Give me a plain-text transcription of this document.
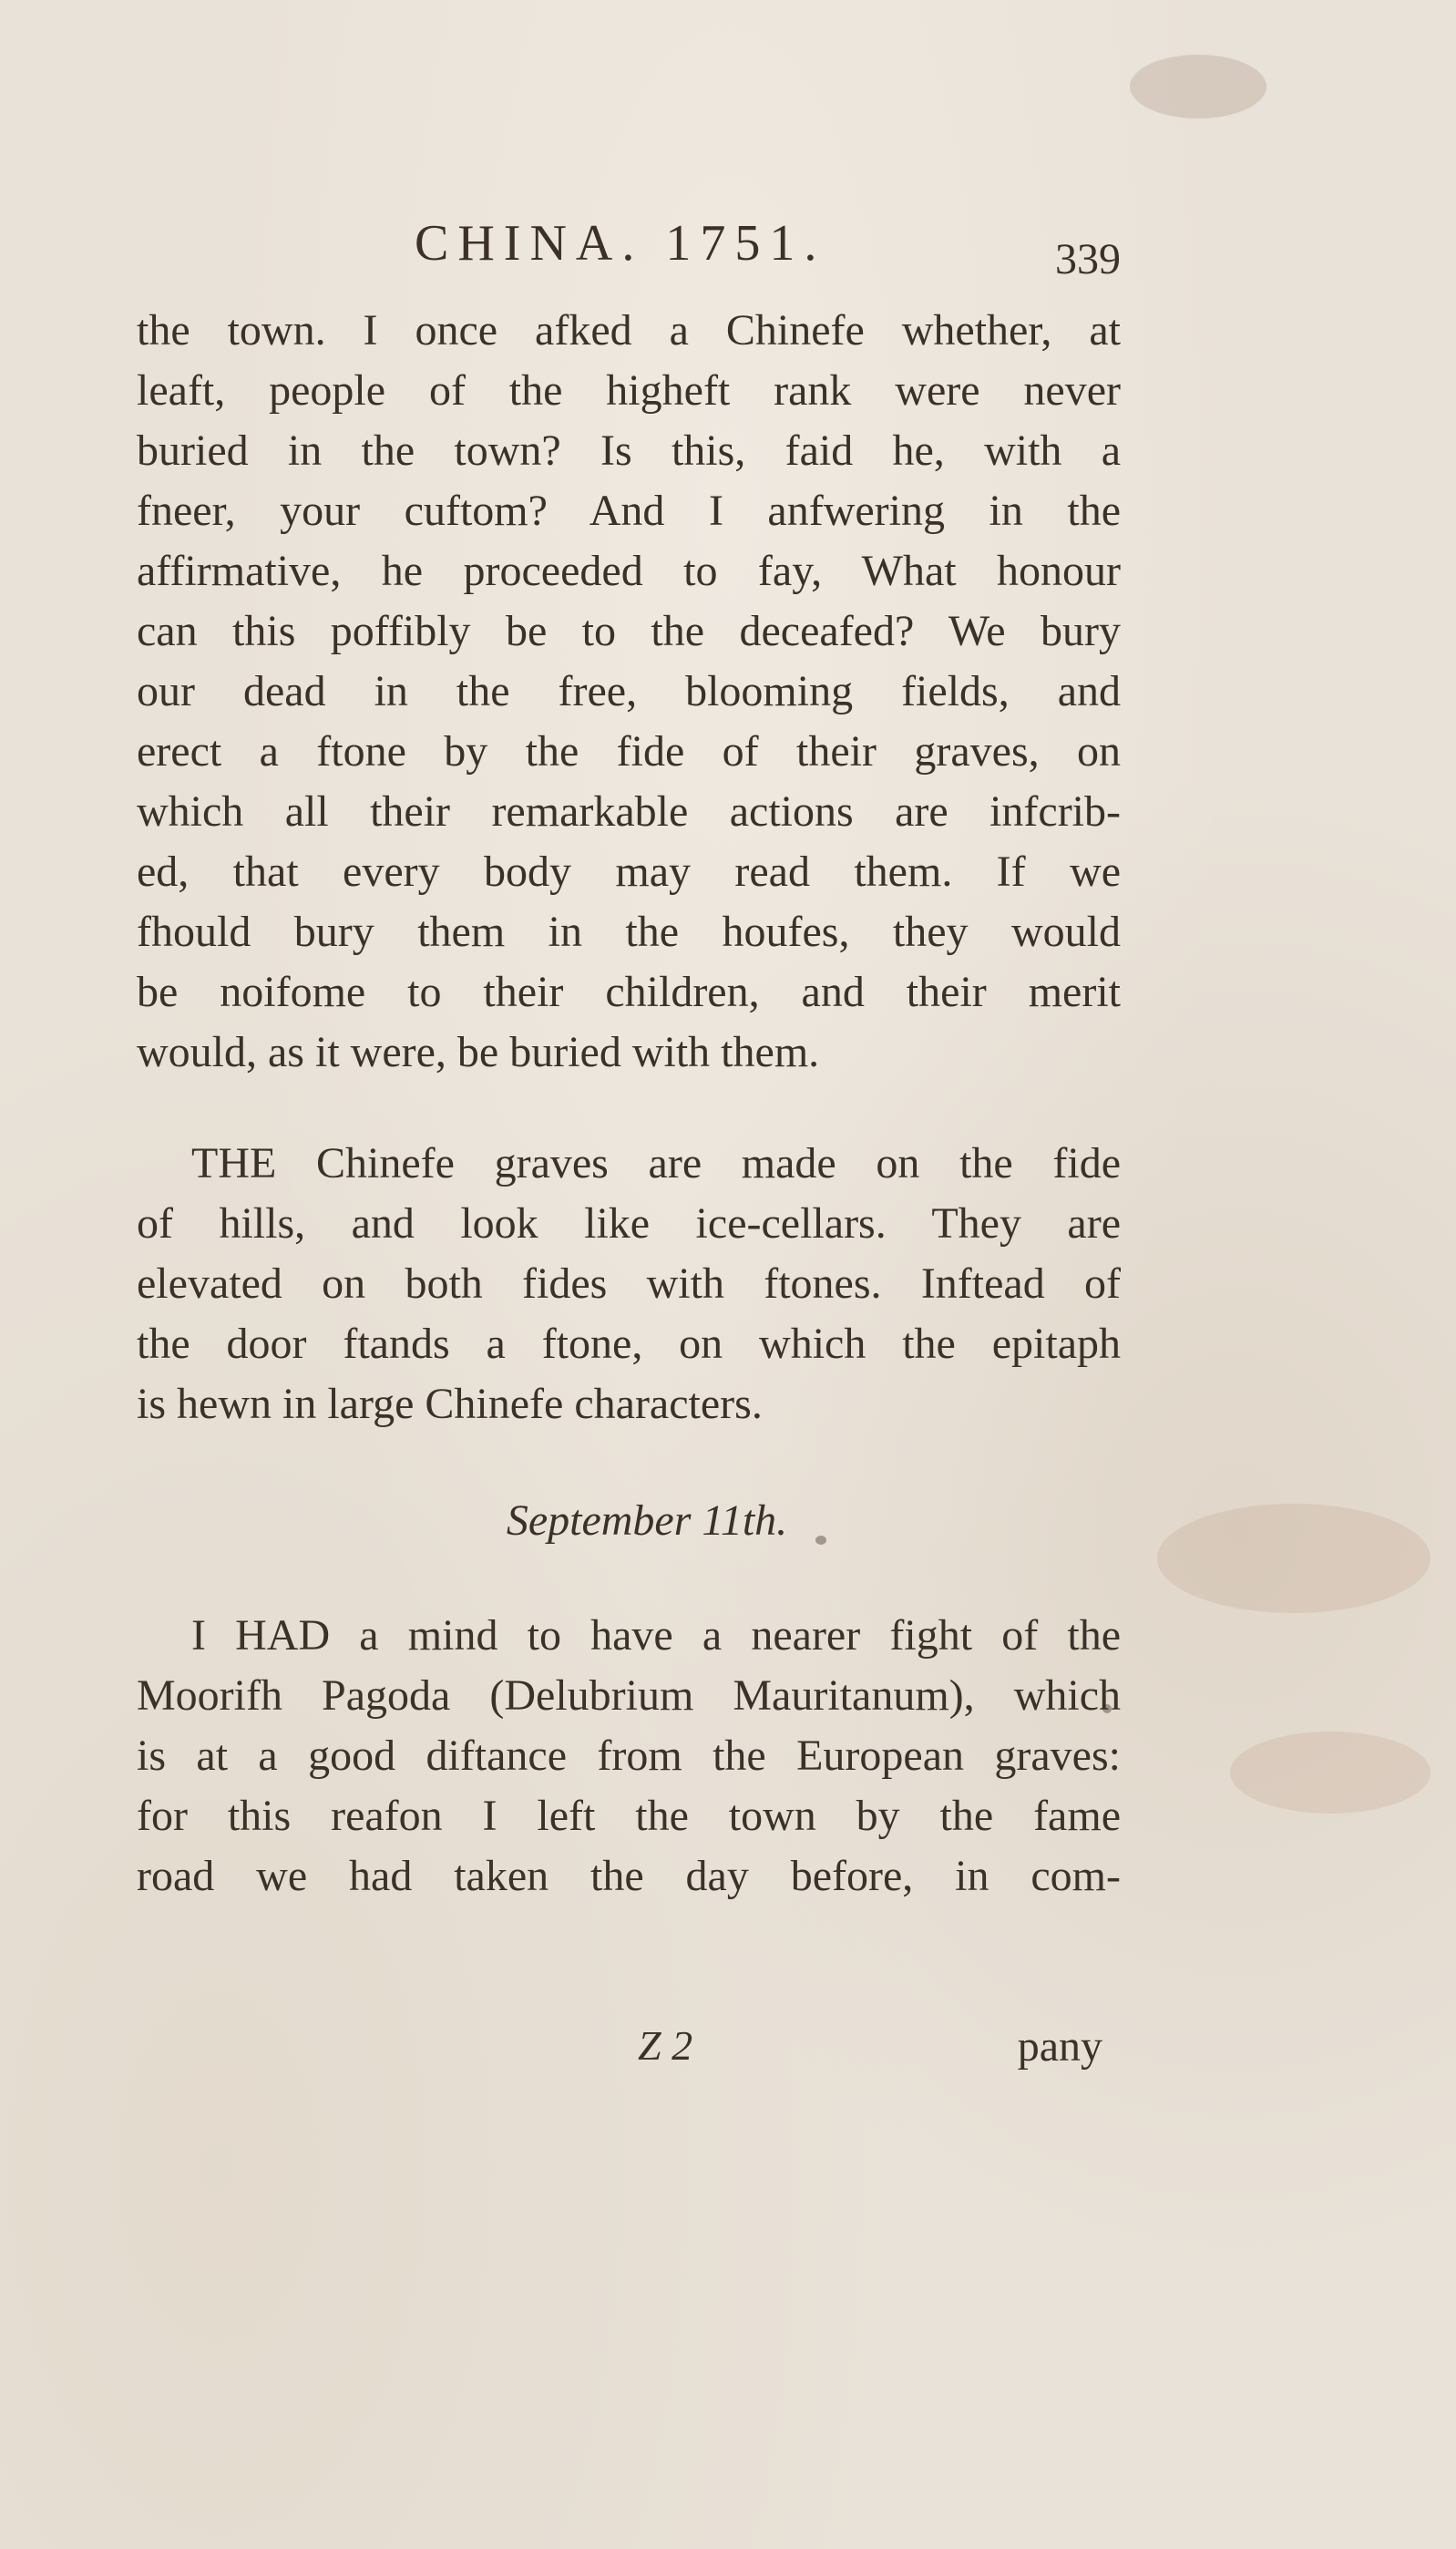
CHINA. 1751.	339
the town. I once afked a Chinefe whether, at
leaft, people of the higheft rank were never
buried in the town? Is this, faid he, with a
fneer, your cuftom? And I anfwering in the
affirmative, he proceeded to fay, What honour
can this poffibly be to the deceafed? We bury
our dead in the free, blooming fields, and
erect a ftone by the fide of their graves, on
which all their remarkable actions are infcrib-
ed, that every body may read them. If we
fhould bury them in the houfes, they would
be noifome to their children, and their merit
would, as it were, be buried with them.
THE Chinefe graves are made on the fide
of hills, and look like ice-cellars. They are
elevated on both fides with ftones. Inftead of
the door ftands a ftone, on which the epitaph
is hewn in large Chinefe characters.
September 11th.
I HAD a mind to have a nearer fight of the
Moorifh Pagoda (Delubrium Mauritanum), which
is at a good diftance from the European graves:
for this reafon I left the town by the fame
road we had taken the day before, in com-
Z 2	pany
